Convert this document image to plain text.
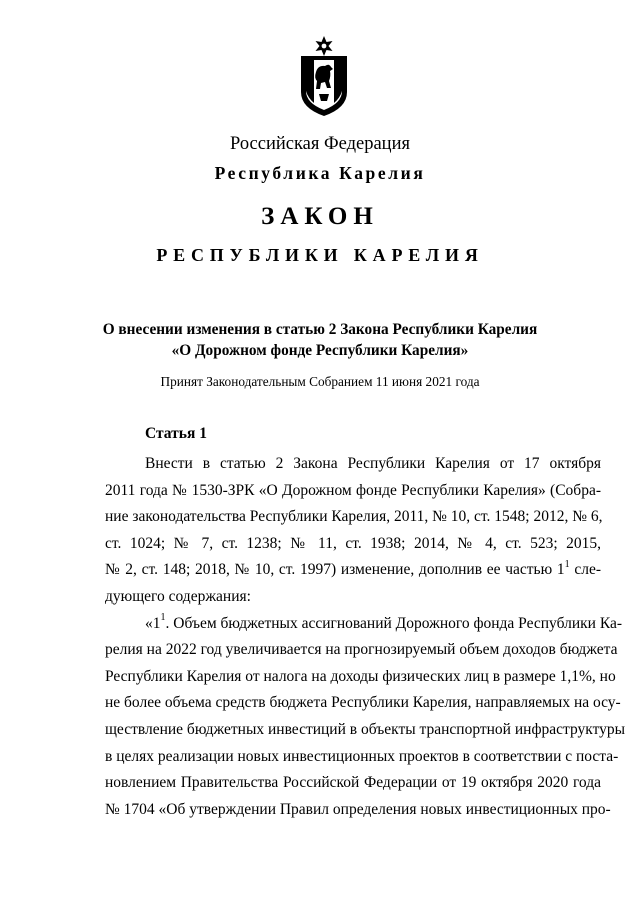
Российская Федерация
Республика Карелия
ЗАКОН
РЕСПУБЛИКИ КАРЕЛИЯ
О внесении изменения в статью 2 Закона Республики Карелия
«О Дорожном фонде Республики Карелия»
Принят Законодательным Собранием 11 июня 2021 года
Статья 1
Внести в статью 2 Закона Республики Карелия от 17 октября
2011 года № 1530-ЗРК «О Дорожном фонде Республики Карелия» (Собра-
ние законодательства Республики Карелия, 2011, № 10, ст. 1548; 2012, № 6,
ст. 1024; № 7, ст. 1238; № 11, ст. 1938; 2014, № 4, ст. 523; 2015,
№ 2, ст. 148; 2018, № 10, ст. 1997) изменение, дополнив ее частью $1^1$ сле-
дующего содержания:
«$1^1$. Объем бюджетных ассигнований Дорожного фонда Республики Ка-
релия на 2022 год увеличивается на прогнозируемый объем доходов бюджета
Республики Карелия от налога на доходы физических лиц в размере 1,1%, но
не более объема средств бюджета Республики Карелия, направляемых на осу-
ществление бюджетных инвестиций в объекты транспортной инфраструктуры
в целях реализации новых инвестиционных проектов в соответствии с поста-
новлением Правительства Российской Федерации от 19 октября 2020 года
№ 1704 «Об утверждении Правил определения новых инвестиционных про-
